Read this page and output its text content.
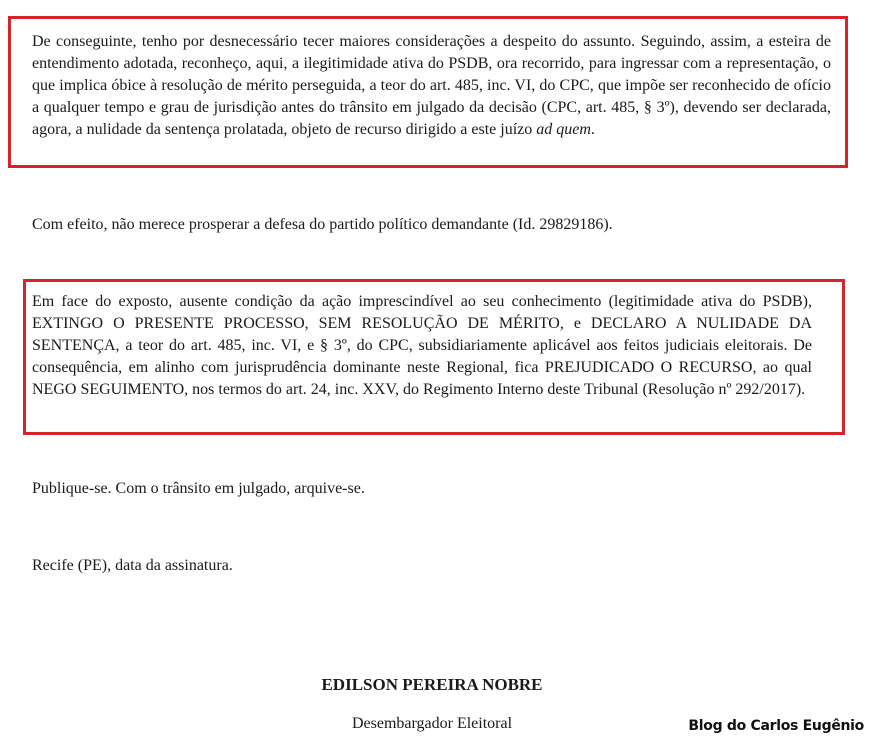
De conseguinte, tenho por desnecessário tecer maiores considerações a despeito do assunto. Seguindo, assim, a esteira de entendimento adotada, reconheço, aqui, a ilegitimidade ativa do PSDB, ora recorrido, para ingressar com a representação, o que implica óbice à resolução de mérito perseguida, a teor do art. 485, inc. VI, do CPC, que impõe ser reconhecido de ofício a qualquer tempo e grau de jurisdição antes do trânsito em julgado da decisão (CPC, art. 485, § 3º), devendo ser declarada, agora, a nulidade da sentença prolatada, objeto de recurso dirigido a este juízo ad quem.

Com efeito, não merece prosperar a defesa do partido político demandante (Id. 29829186).

Em face do exposto, ausente condição da ação imprescindível ao seu conhecimento (legitimidade ativa do PSDB), EXTINGO O PRESENTE PROCESSO, SEM RESOLUÇÃO DE MÉRITO, e DECLARO A NULIDADE DA SENTENÇA, a teor do art. 485, inc. VI, e § 3º, do CPC, subsidiariamente aplicável aos feitos judiciais eleitorais. De consequência, em alinho com jurisprudência dominante neste Regional, fica PREJUDICADO O RECURSO, ao qual NEGO SEGUIMENTO, nos termos do art. 24, inc. XXV, do Regimento Interno deste Tribunal (Resolução nº 292/2017).

Publique-se. Com o trânsito em julgado, arquive-se.

Recife (PE), data da assinatura.

EDILSON PEREIRA NOBRE
Desembargador Eleitoral	Blog do Carlos Eugênio
